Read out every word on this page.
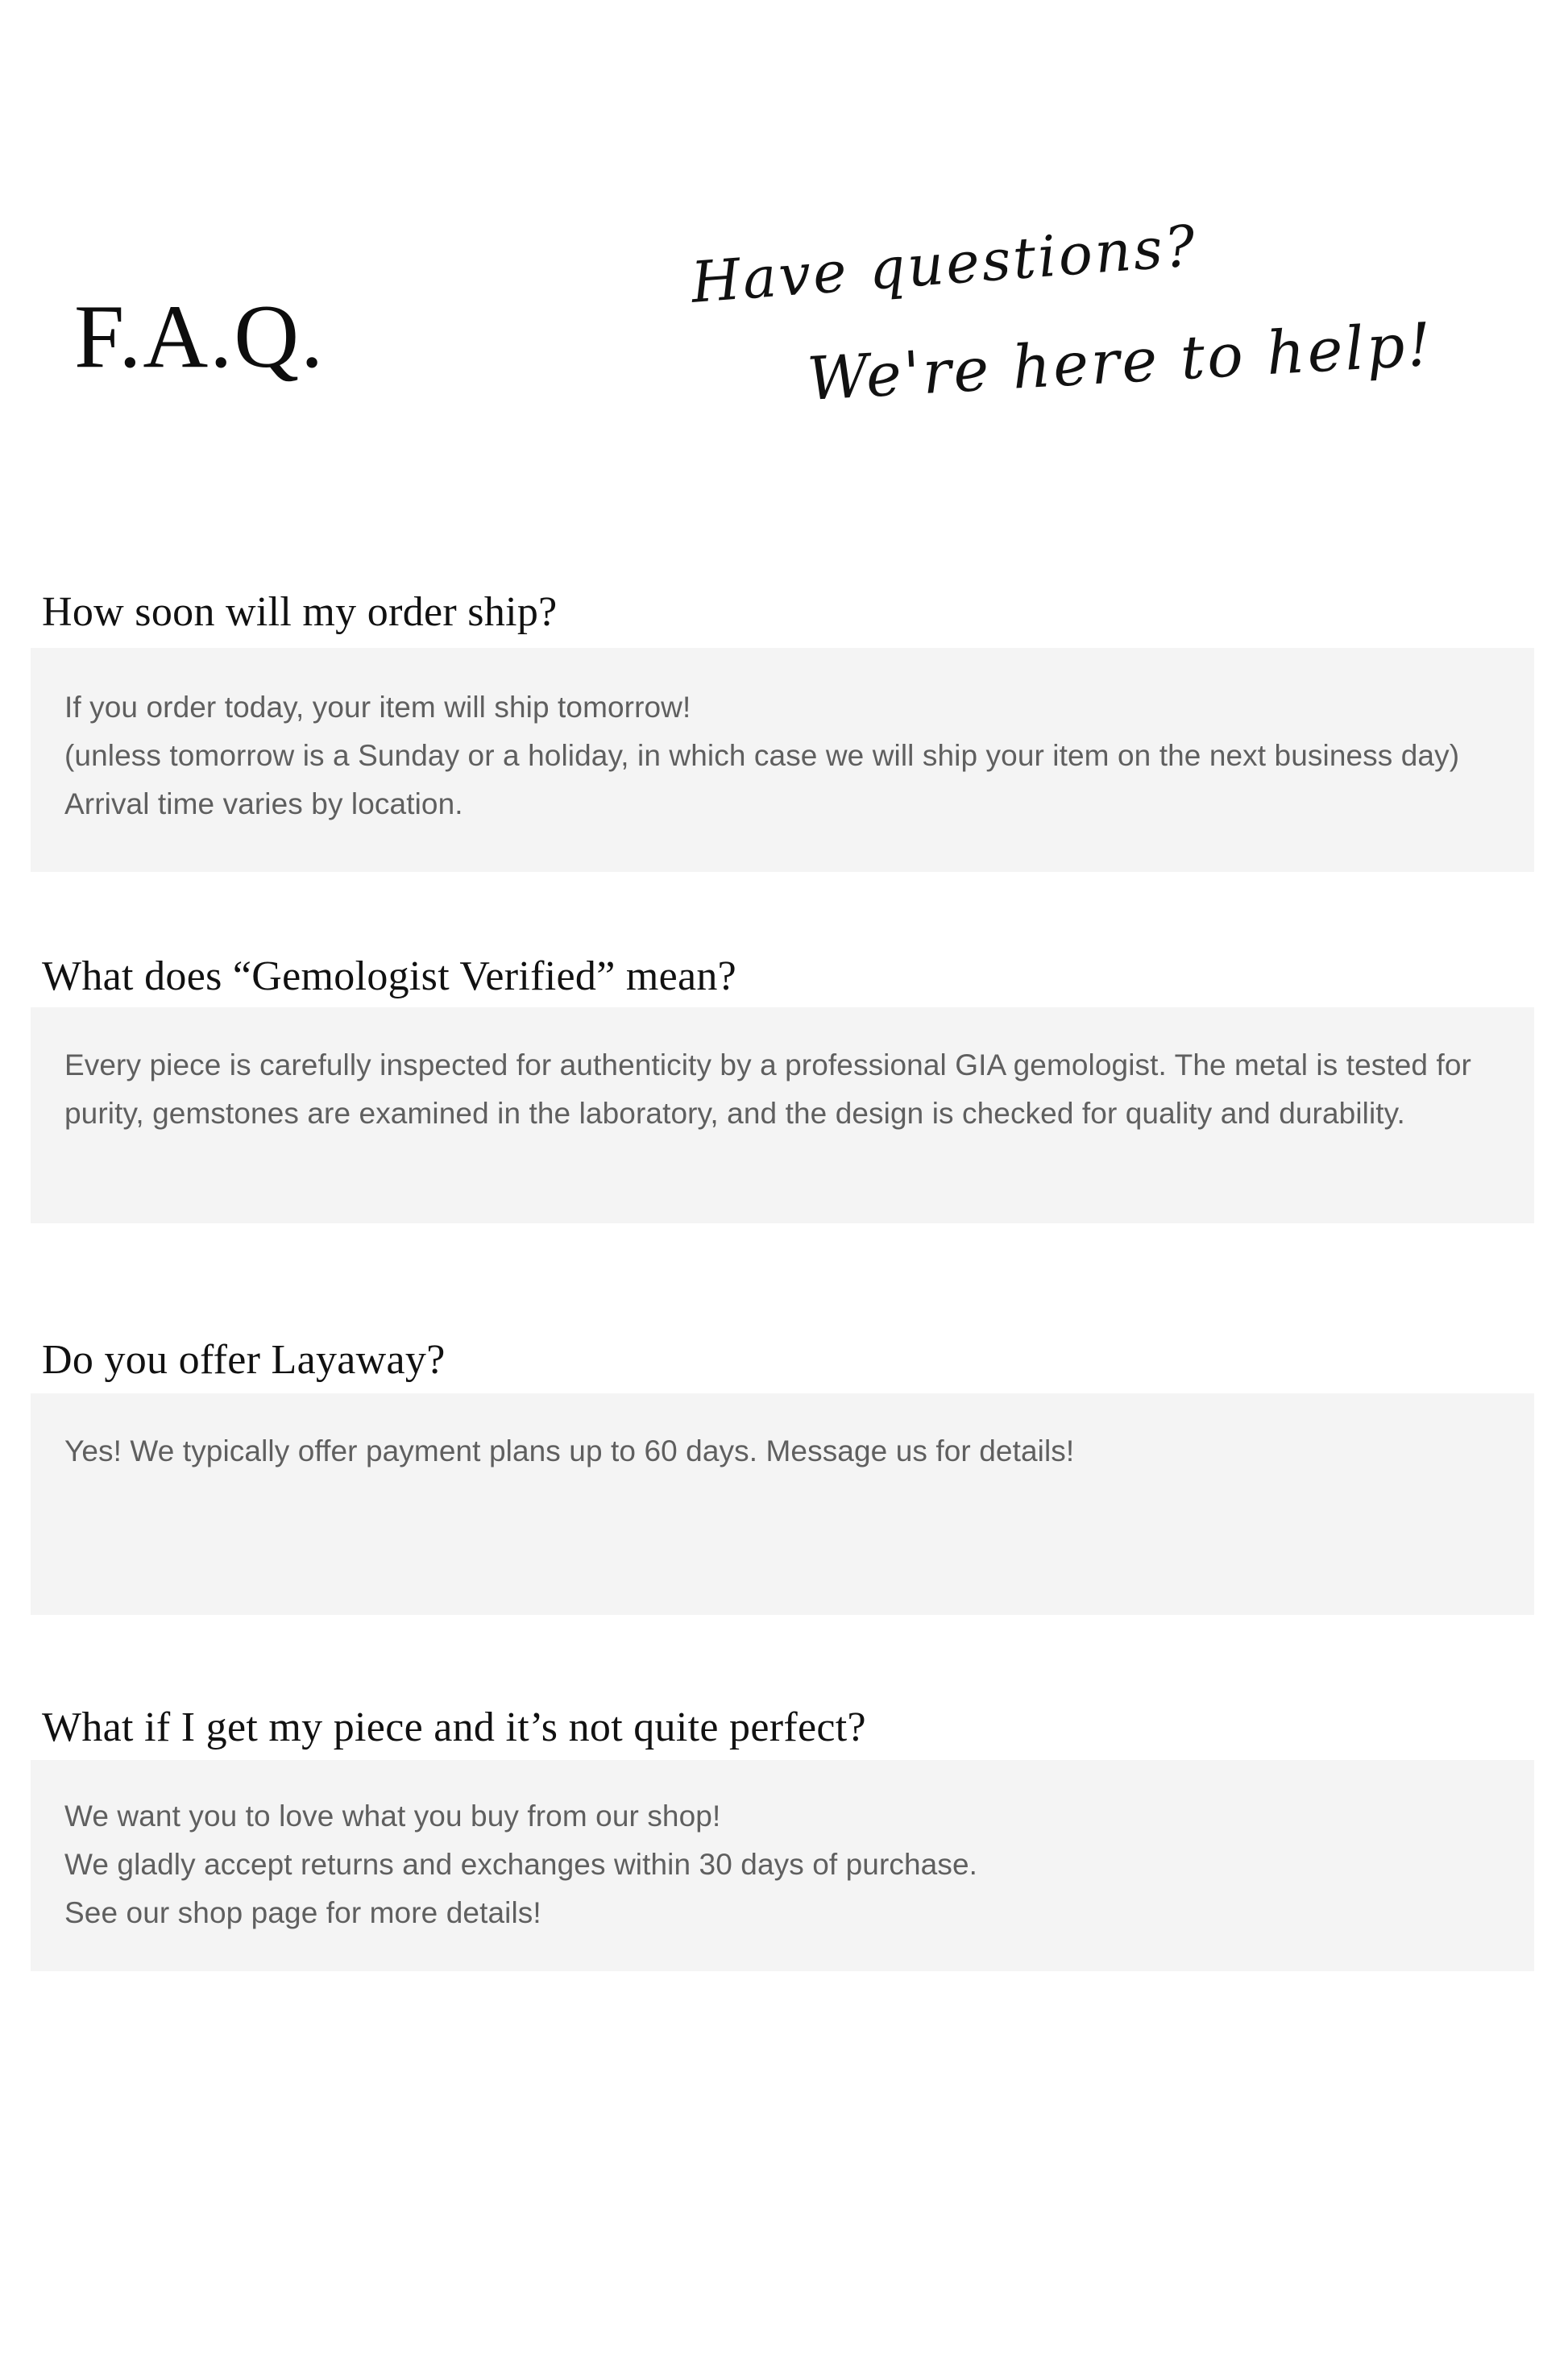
F.A.Q.
Have questions?
We're here to help!
How soon will my order ship?

If you order today, your item will ship tomorrow!

(unless tomorrow is a Sunday or a holiday, in which case we will ship your item on the next business day) Arrival time varies by location.

What does “Gemologist Verified” mean?

Every piece is carefully inspected for authenticity by a professional GIA gemologist. The metal is tested for purity, gemstones are examined in the laboratory, and the design is checked for quality and durability.

Do you offer Layaway?

Yes! We typically offer payment plans up to 60 days. Message us for details!

What if I get my piece and it’s not quite perfect?

We want you to love what you buy from our shop!

We gladly accept returns and exchanges within 30 days of purchase.

See our shop page for more details!
